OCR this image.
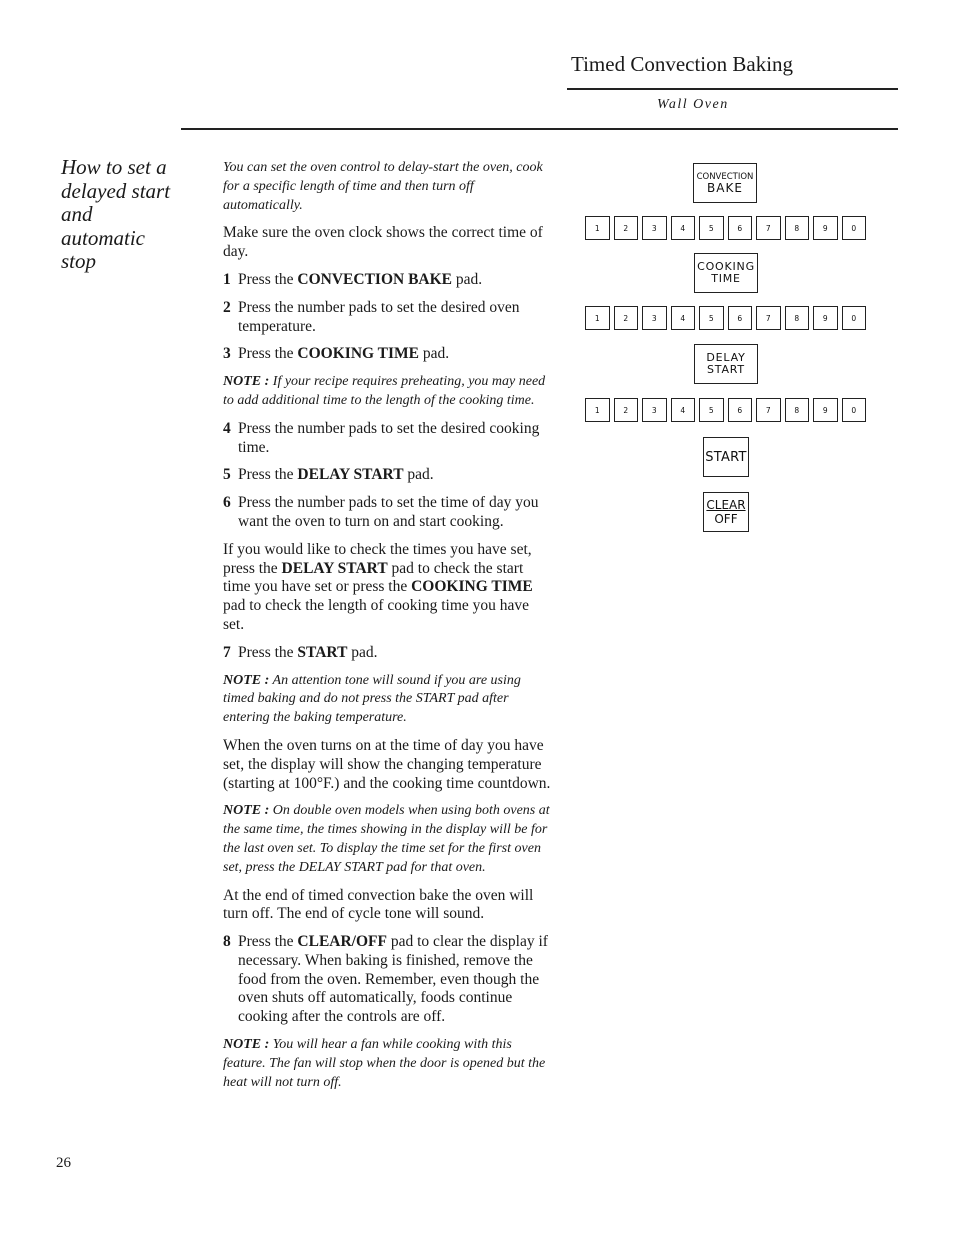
Timed Convection Baking
Wall Oven
How to set a delayed start and automatic stop

You can set the oven control to delay-start the oven, cook for a specific length of time and then turn off automatically.

Make sure the oven clock shows the correct time of day.

1 Press the CONVECTION BAKE pad.
2 Press the number pads to set the desired oven temperature.
3 Press the COOKING TIME pad.

NOTE : If your recipe requires preheating, you may need to add additional time to the length of the cooking time.

4 Press the number pads to set the desired cooking time.
5 Press the DELAY START pad.
6 Press the number pads to set the time of day you want the oven to turn on and start cooking.

If you would like to check the times you have set, press the DELAY START pad to check the start time you have set or press the COOKING TIME pad to check the length of cooking time you have set.

7 Press the START pad.

NOTE : An attention tone will sound if you are using timed baking and do not press the START pad after entering the baking temperature.

When the oven turns on at the time of day you have set, the display will show the changing temperature (starting at 100°F.) and the cooking time countdown.

NOTE : On double oven models when using both ovens at the same time, the times showing in the display will be for the last oven set. To display the time set for the first oven set, press the DELAY START pad for that oven.

At the end of timed convection bake the oven will turn off. The end of cycle tone will sound.

8 Press the CLEAR/OFF pad to clear the display if necessary. When baking is finished, remove the food from the oven. Remember, even though the oven shuts off automatically, foods continue cooking after the controls are off.

NOTE : You will hear a fan while cooking with this feature. The fan will stop when the door is opened but the heat will not turn off.

CONVECTION
BAKE
1	2	3	4	5	6	7	8	9	0
COOKING
TIME
1	2	3	4	5	6	7	8	9	0
DELAY
START
1	2	3	4	5	6	7	8	9	0
START
CLEAR
OFF
26
